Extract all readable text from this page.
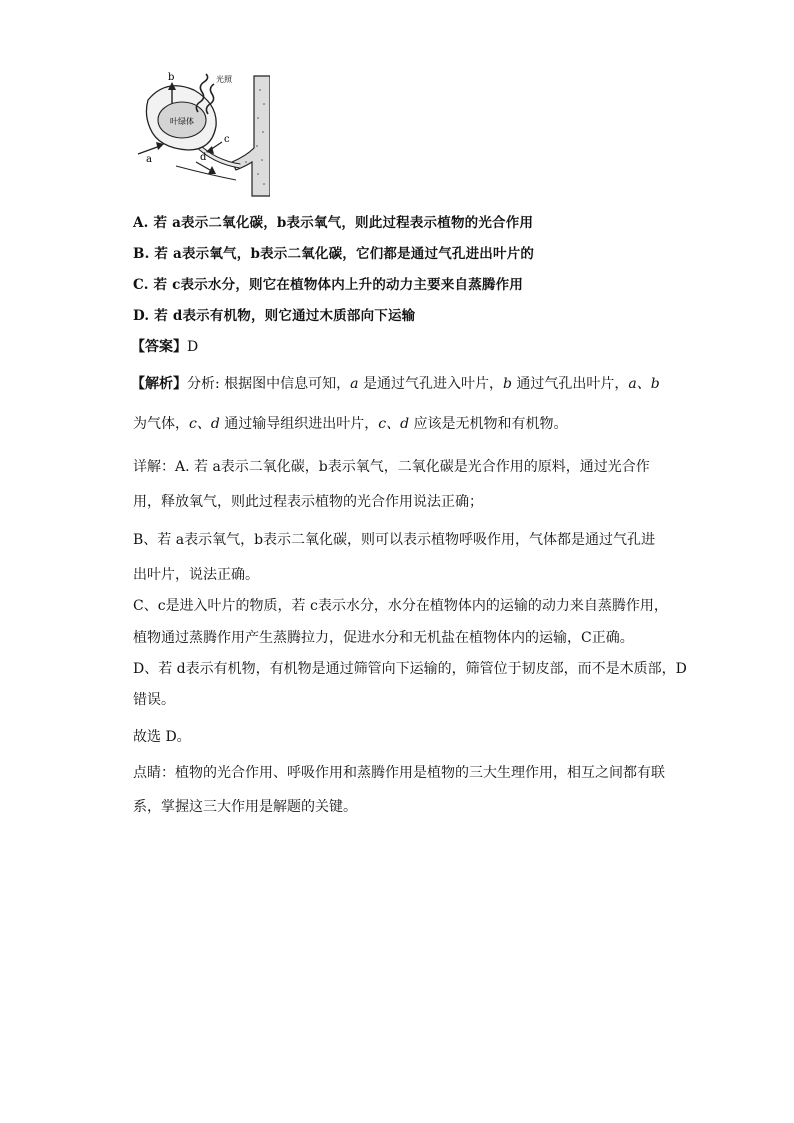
叶绿体
光照
b
a
c
d
A. 若 a表示二氧化碳，b表示氧气，则此过程表示植物的光合作用
B. 若 a表示氧气，b表示二氧化碳，它们都是通过气孔进出叶片的
C. 若 c表示水分，则它在植物体内上升的动力主要来自蒸腾作用
D. 若 d表示有机物，则它通过木质部向下运输
【答案】D
【解析】分析: 根据图中信息可知，a 是通过气孔进入叶片，b 通过气孔出叶片，a、b
为气体，c、d 通过输导组织进出叶片，c、d 应该是无机物和有机物。
详解：A. 若 a表示二氧化碳，b表示氧气，二氧化碳是光合作用的原料，通过光合作
用，释放氧气，则此过程表示植物的光合作用说法正确；
B、若 a表示氧气，b表示二氧化碳，则可以表示植物呼吸作用，气体都是通过气孔进
出叶片，说法正确。
C、c是进入叶片的物质，若 c表示水分，水分在植物体内的运输的动力来自蒸腾作用，
植物通过蒸腾作用产生蒸腾拉力，促进水分和无机盐在植物体内的运输，C正确。
D、若 d表示有机物，有机物是通过筛管向下运输的，筛管位于韧皮部，而不是木质部，D
错误。
故选 D。
点睛：植物的光合作用、呼吸作用和蒸腾作用是植物的三大生理作用，相互之间都有联
系，掌握这三大作用是解题的关键。
